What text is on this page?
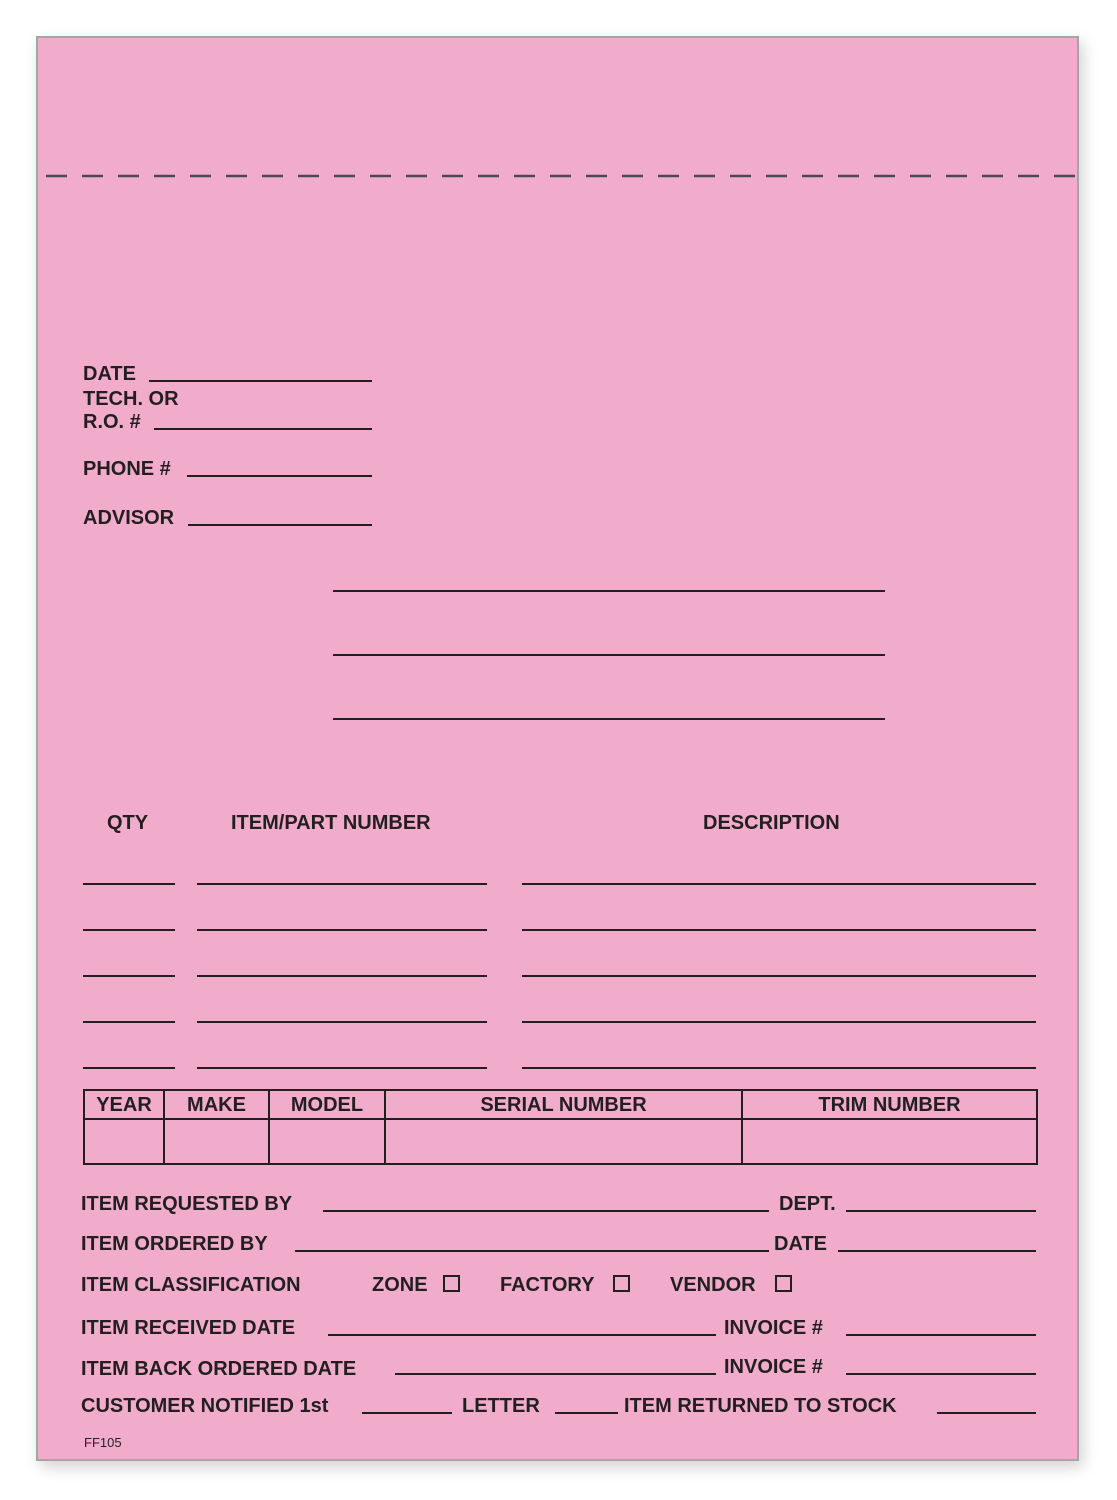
DATE
TECH. OR
R.O. #
PHONE #
ADVISOR
QTY	ITEM/PART NUMBER	DESCRIPTION
YEAR	MAKE	MODEL	SERIAL NUMBER	TRIM NUMBER

ITEM REQUESTED BY	DEPT.
ITEM ORDERED BY	DATE
ITEM CLASSIFICATION	ZONE	FACTORY	VENDOR
ITEM RECEIVED DATE	INVOICE #
ITEM BACK ORDERED DATE	INVOICE #
CUSTOMER NOTIFIED 1st	LETTER	ITEM RETURNED TO STOCK
FF105
